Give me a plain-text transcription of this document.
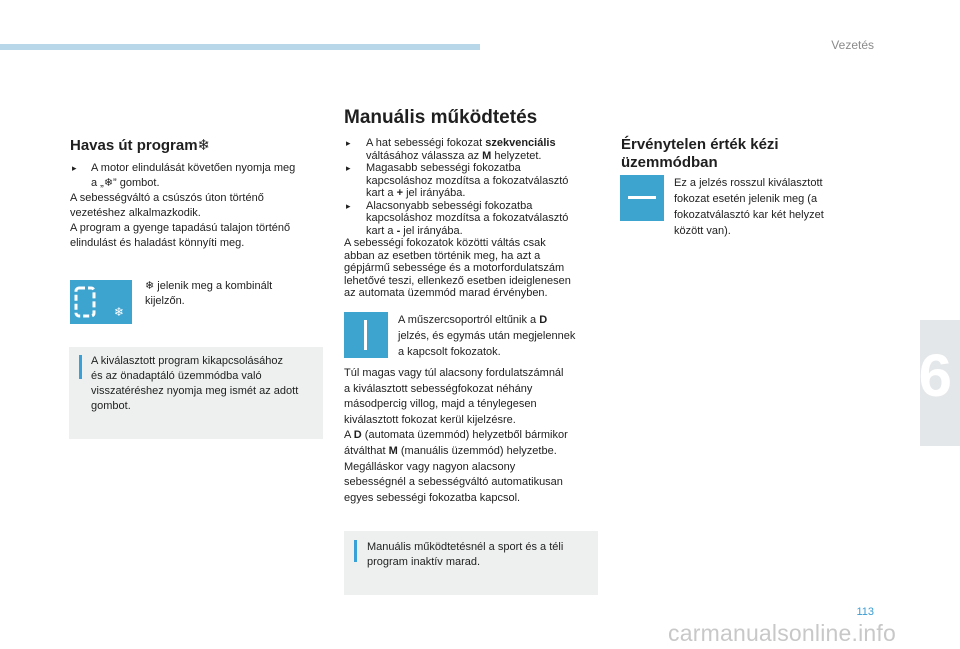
Vezetés
6
113
carmanualsonline.info
Havas út program❄

▸ A motor elindulását követően nyomja meg
a „❄” gombot.

A sebességváltó a csúszós úton történő
vezetéshez alkalmazkodik.
A program a gyenge tapadású talajon történő
elindulást és haladást könnyíti meg.

❄
❄ jelenik meg a kombinált
kijelzőn.
A kiválasztott program kikapcsolásához
és az önadaptáló üzemmódba való
visszatéréshez nyomja meg ismét az adott
gombot.
Manuális működtetés

▸ A hat sebességi fokozat szekvenciális
váltásához válassza az M helyzetet.

▸ Magasabb sebességi fokozatba
kapcsoláshoz mozdítsa a fokozatválasztó
kart a + jel irányába.

▸ Alacsonyabb sebességi fokozatba
kapcsoláshoz mozdítsa a fokozatválasztó
kart a - jel irányába.

A sebességi fokozatok közötti váltás csak
abban az esetben történik meg, ha azt a
gépjármű sebessége és a motorfordulatszám
lehetővé teszi, ellenkező esetben ideiglenesen
az automata üzemmód marad érvényben.

A műszercsoportról eltűnik a D
jelzés, és egymás után megjelennek
a kapcsolt fokozatok.
Túl magas vagy túl alacsony fordulatszámnál
a kiválasztott sebességfokozat néhány
másodpercig villog, majd a ténylegesen
kiválasztott fokozat kerül kijelzésre.
A D (automata üzemmód) helyzetből bármikor
átválthat M (manuális üzemmód) helyzetbe.
Megálláskor vagy nagyon alacsony
sebességnél a sebességváltó automatikusan
egyes sebességi fokozatba kapcsol.
Manuális működtetésnél a sport és a téli
program inaktív marad.
Érvénytelen érték kézi
üzemmódban
Ez a jelzés rosszul kiválasztott
fokozat esetén jelenik meg (a
fokozatválasztó kar két helyzet
között van).
